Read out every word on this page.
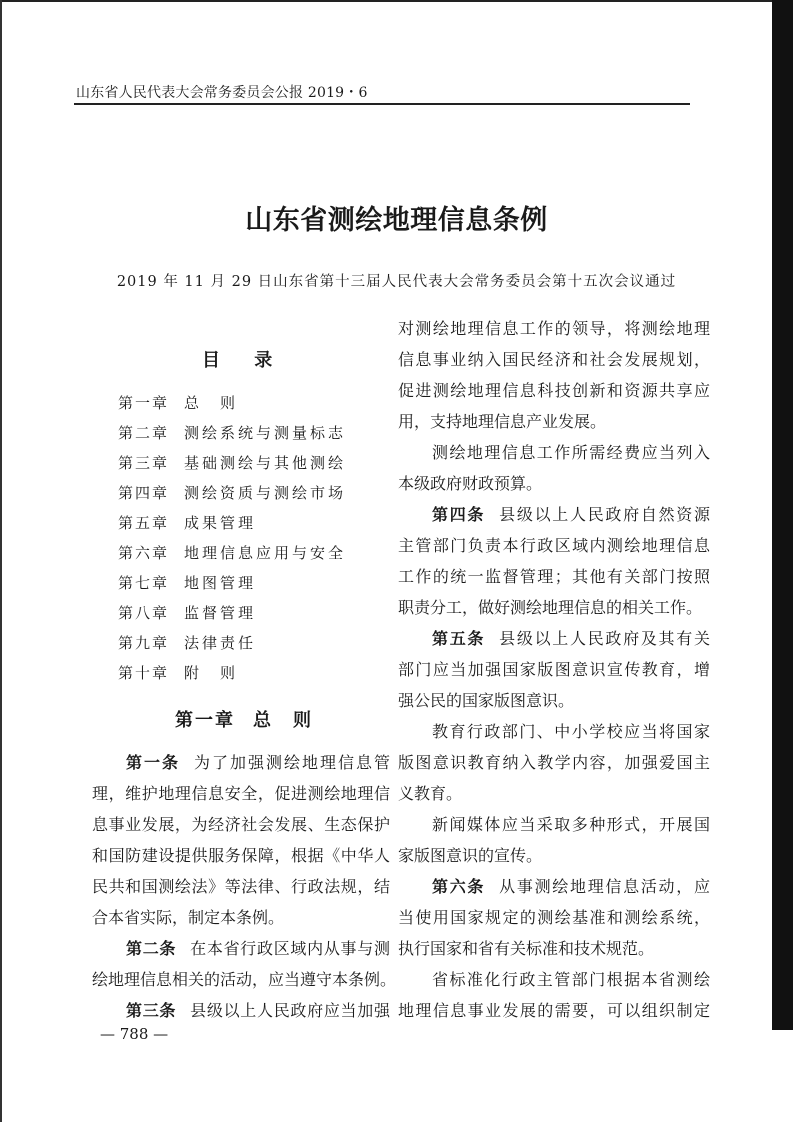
山东省人民代表大会常务委员会公报 2019・6
山东省测绘地理信息条例
2019 年 11 月 29 日山东省第十三届人民代表大会常务委员会第十五次会议通过
目 录
第一章 总　则
第二章 测绘系统与测量标志
第三章 基础测绘与其他测绘
第四章 测绘资质与测绘市场
第五章 成果管理
第六章 地理信息应用与安全
第七章 地图管理
第八章 监督管理
第九章 法律责任
第十章 附　则
第一章 总则
第一条 为了加强测绘地理信息管
理，维护地理信息安全，促进测绘地理信
息事业发展，为经济社会发展、生态保护
和国防建设提供服务保障，根据《中华人
民共和国测绘法》等法律、行政法规，结
合本省实际，制定本条例。
第二条 在本省行政区域内从事与测
绘地理信息相关的活动，应当遵守本条例。
第三条 县级以上人民政府应当加强
对测绘地理信息工作的领导，将测绘地理
信息事业纳入国民经济和社会发展规划，
促进测绘地理信息科技创新和资源共享应
用，支持地理信息产业发展。
测绘地理信息工作所需经费应当列入
本级政府财政预算。
第四条 县级以上人民政府自然资源
主管部门负责本行政区域内测绘地理信息
工作的统一监督管理；其他有关部门按照
职责分工，做好测绘地理信息的相关工作。
第五条 县级以上人民政府及其有关
部门应当加强国家版图意识宣传教育，增
强公民的国家版图意识。
教育行政部门、中小学校应当将国家
版图意识教育纳入教学内容，加强爱国主
义教育。
新闻媒体应当采取多种形式，开展国
家版图意识的宣传。
第六条 从事测绘地理信息活动，应
当使用国家规定的测绘基准和测绘系统，
执行国家和省有关标准和技术规范。
省标准化行政主管部门根据本省测绘
地理信息事业发展的需要，可以组织制定
— 788 —
